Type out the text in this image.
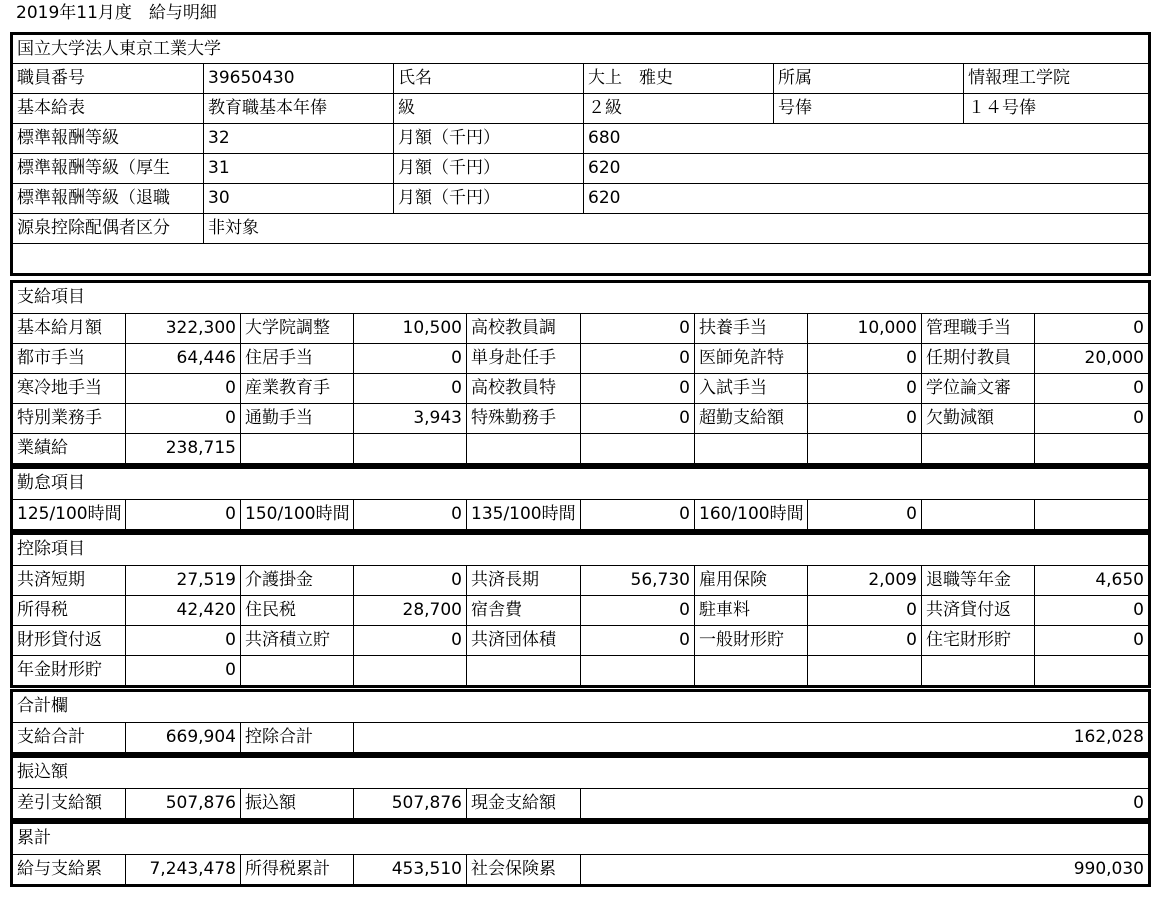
2019年11月度　給与明細
国立大学法人東京工業大学
職員番号	39650430	氏名	大上　雅史	所属	情報理工学院
基本給表	教育職基本年俸	級	２級	号俸	１４号俸
標準報酬等級	32	月額（千円）	680
標準報酬等級（厚生	31	月額（千円）	620
標準報酬等級（退職	30	月額（千円）	620
源泉控除配偶者区分	非対象
支給項目
基本給月額	322,300 大学院調整	10,500 高校教員調	0 扶養手当	10,000 管理職手当	0
都市手当	64,446 住居手当	0 単身赴任手	0 医師免許特	0 任期付教員	20,000
寒冷地手当	0 産業教育手	0 高校教員特	0 入試手当	0 学位論文審	0
特別業務手	0 通勤手当	3,943 特殊勤務手	0 超勤支給額	0 欠勤減額	0
業績給	238,715
勤怠項目
125/100時間	0 150/100時間	0 135/100時間	0 160/100時間	0
控除項目
共済短期	27,519 介護掛金	0 共済長期	56,730 雇用保険	2,009 退職等年金	4,650
所得税	42,420 住民税	28,700 宿舎費	0 駐車料	0 共済貸付返	0
財形貸付返	0 共済積立貯	0 共済団体積	0 一般財形貯	0 住宅財形貯	0
年金財形貯	0
合計欄
支給合計	669,904 控除合計	162,028
振込額
差引支給額	507,876 振込額	507,876 現金支給額	0
累計
給与支給累	7,243,478 所得税累計	453,510 社会保険累	990,030
